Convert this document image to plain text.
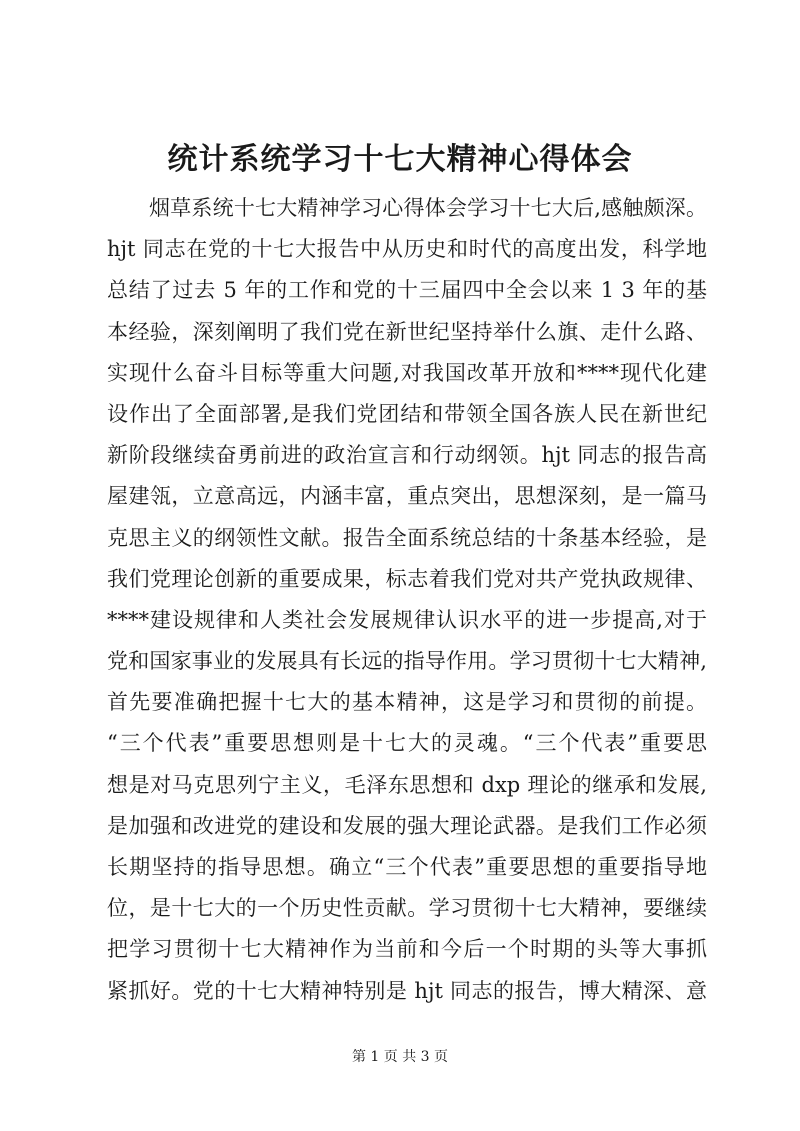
统计系统学习十七大精神心得体会
烟草系统十七大精神学习心得体会学习十七大后,感触颇深。
hjt 同志在党的十七大报告中从历史和时代的高度出发，科学地
总结了过去 5 年的工作和党的十三届四中全会以来 1 3 年的基
本经验，深刻阐明了我们党在新世纪坚持举什么旗、走什么路、
实现什么奋斗目标等重大问题,对我国改革开放和****现代化建
设作出了全面部署,是我们党团结和带领全国各族人民在新世纪
新阶段继续奋勇前进的政治宣言和行动纲领。hjt 同志的报告高
屋建瓴，立意高远，内涵丰富，重点突出，思想深刻，是一篇马
克思主义的纲领性文献。报告全面系统总结的十条基本经验，是
我们党理论创新的重要成果，标志着我们党对共产党执政规律、
****建设规律和人类社会发展规律认识水平的进一步提高,对于
党和国家事业的发展具有长远的指导作用。学习贯彻十七大精神,
首先要准确把握十七大的基本精神，这是学习和贯彻的前提。
“三个代表”重要思想则是十七大的灵魂。“三个代表”重要思
想是对马克思列宁主义，毛泽东思想和 dxp 理论的继承和发展,
是加强和改进党的建设和发展的强大理论武器。是我们工作必须
长期坚持的指导思想。确立“三个代表”重要思想的重要指导地
位，是十七大的一个历史性贡献。学习贯彻十七大精神，要继续
把学习贯彻十七大精神作为当前和今后一个时期的头等大事抓
紧抓好。党的十七大精神特别是 hjt 同志的报告，博大精深、意
第 1 页 共 3 页
